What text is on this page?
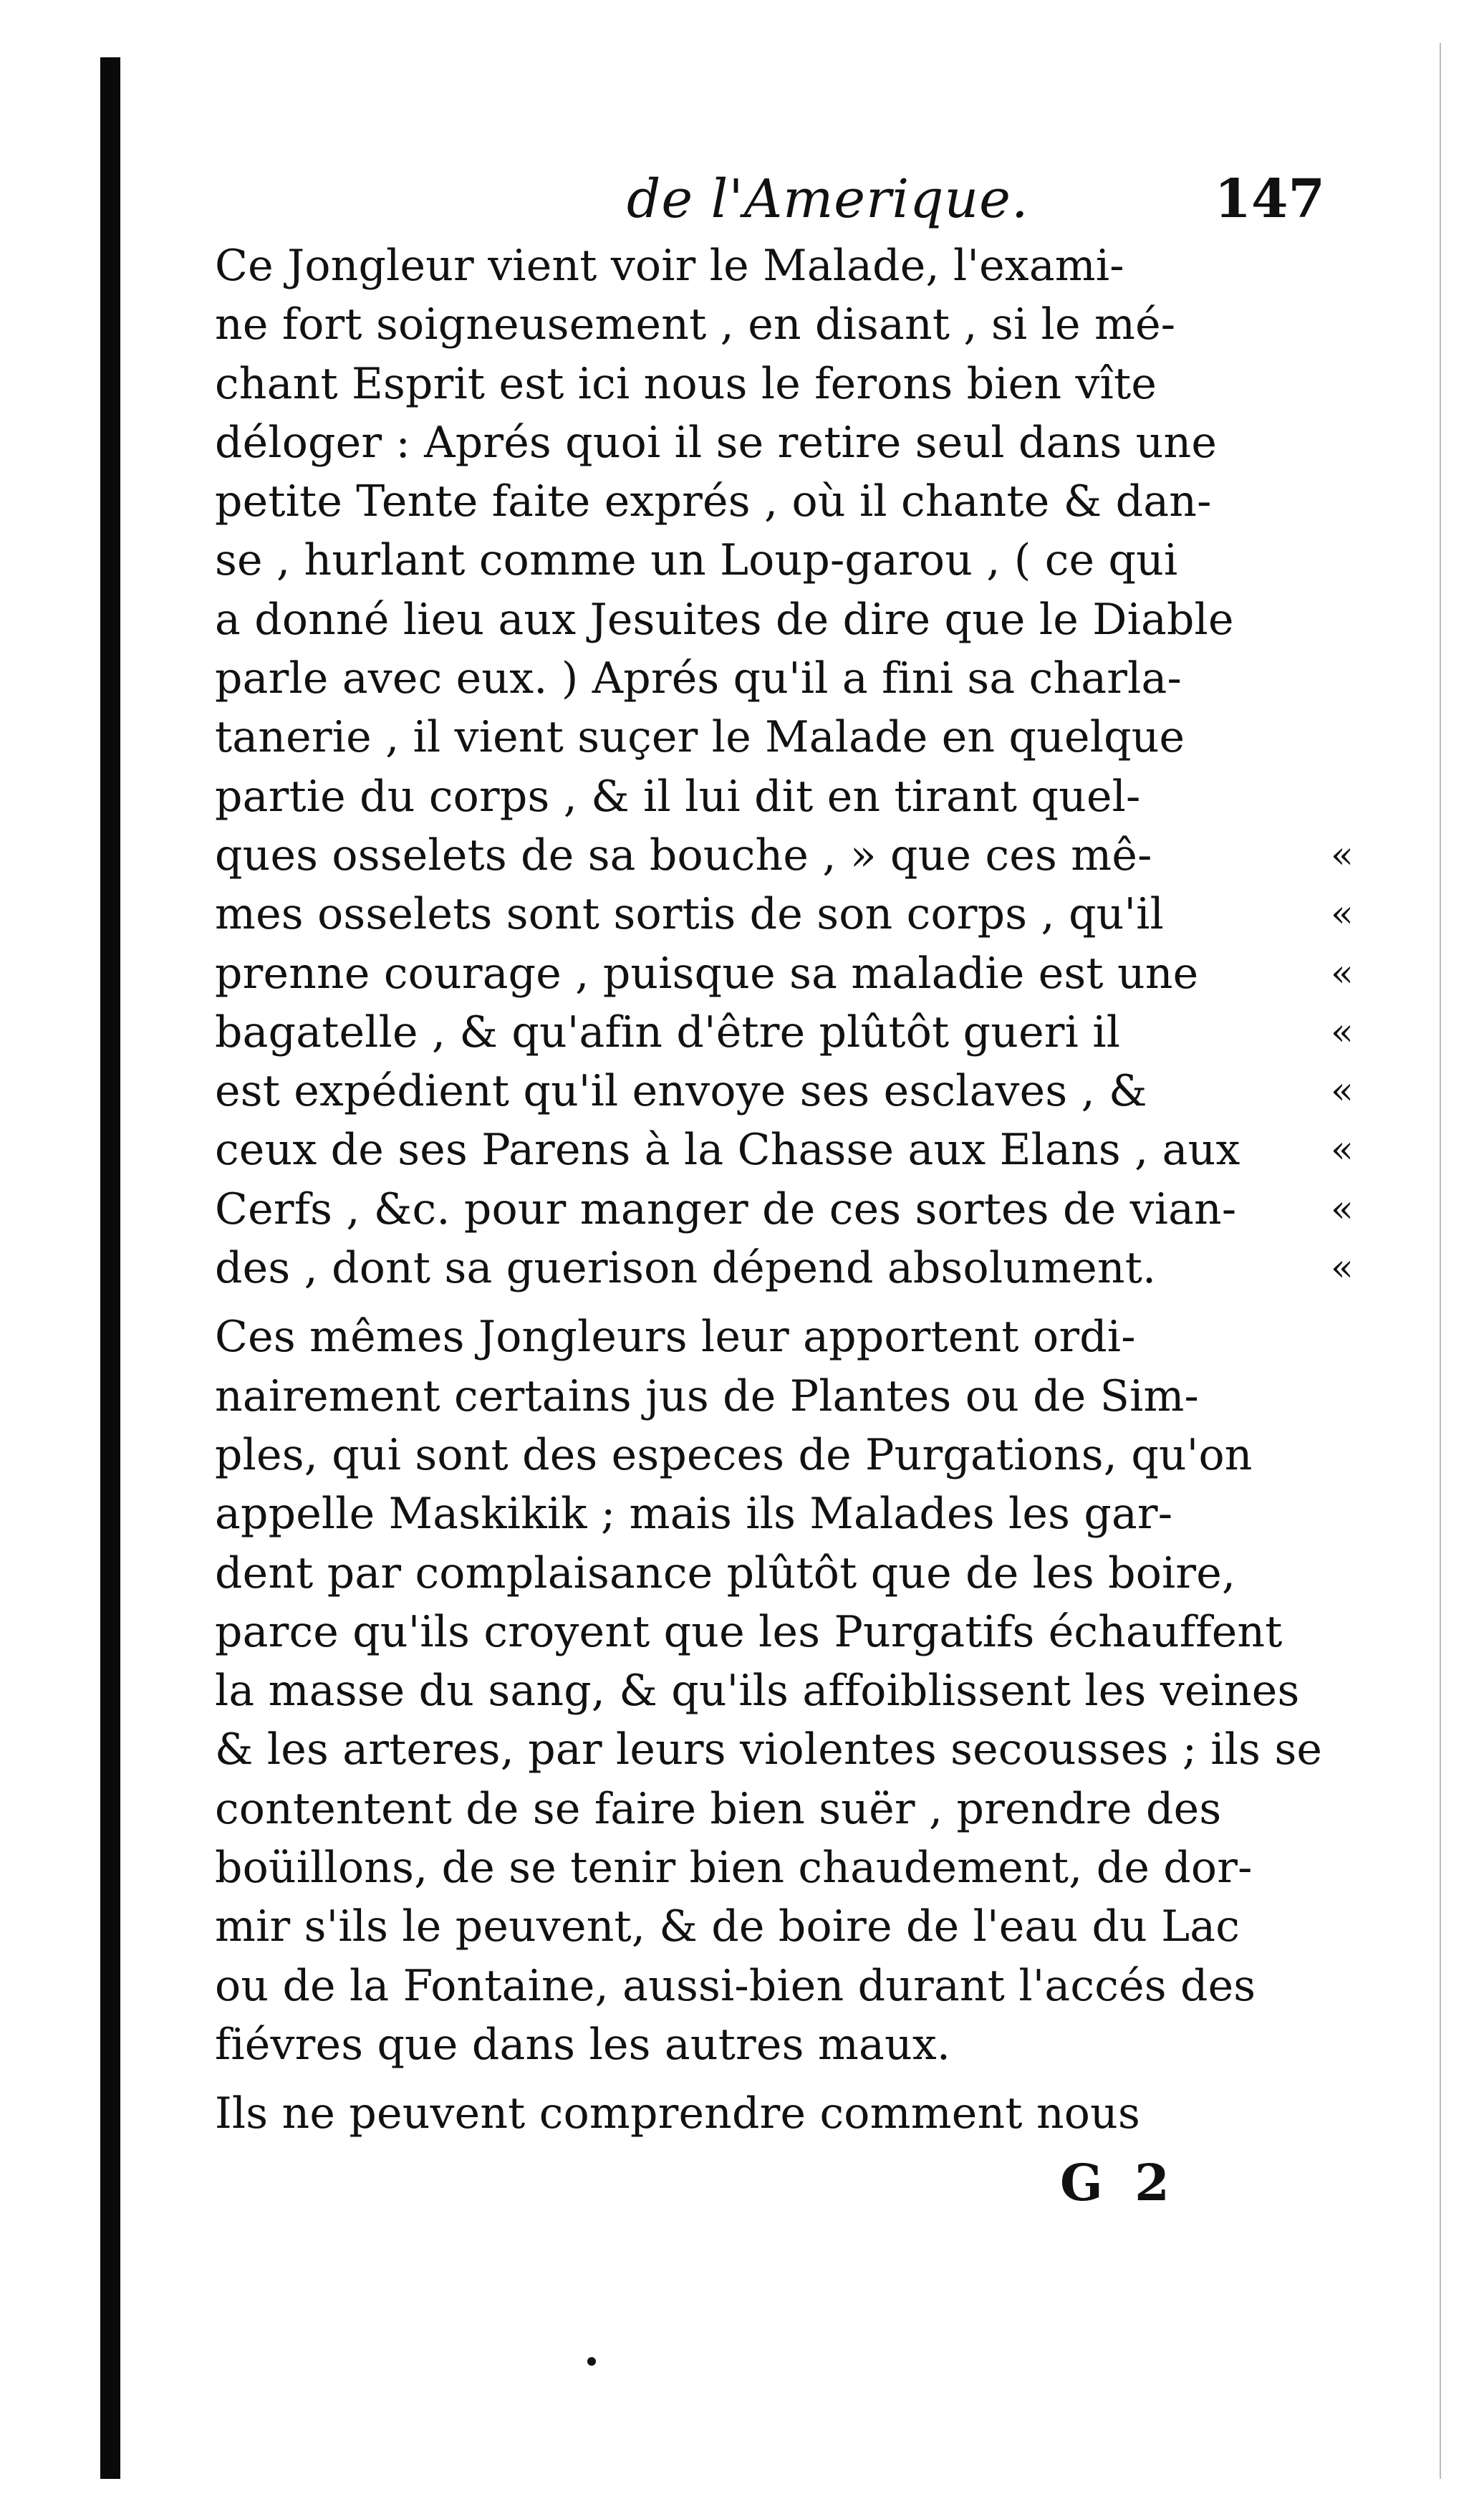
de l'Amerique.	147
Ce Jongleur vient voir le Malade, l'exami-
ne fort soigneusement , en disant , si le mé-
chant Esprit est ici nous le ferons bien vîte
déloger : Aprés quoi il se retire seul dans une
petite Tente faite exprés , où il chante & dan-
se , hurlant comme un Loup-garou , ( ce qui
a donné lieu aux Jesuites de dire que le Diable
parle avec eux. ) Aprés qu'il a fini sa charla-
tanerie , il vient suçer le Malade en quelque
partie du corps , & il lui dit en tirant quel-
ques osselets de sa bouche , » que ces mê-	«
mes osselets sont sortis de son corps , qu'il	«
prenne courage , puisque sa maladie est une	«
bagatelle , & qu'afin d'être plûtôt gueri il	«
est expédient qu'il envoye ses esclaves , &	«
ceux de ses Parens à la Chasse aux Elans , aux «
Cerfs , &c. pour manger de ces sortes de vian-	«
des , dont sa guerison dépend absolument.	«
Ces mêmes Jongleurs leur apportent ordi-
nairement certains jus de Plantes ou de Sim-
ples, qui sont des especes de Purgations, qu'on
appelle Maskikik ; mais ils Malades les gar-
dent par complaisance plûtôt que de les boire,
parce qu'ils croyent que les Purgatifs échauffent
la masse du sang, & qu'ils affoiblissent les veines
& les arteres, par leurs violentes secousses ; ils se
contentent de se faire bien suër , prendre des
boüillons, de se tenir bien chaudement, de dor-
mir s'ils le peuvent, & de boire de l'eau du Lac
ou de la Fontaine, aussi-bien durant l'accés des
fiévres que dans les autres maux.
Ils ne peuvent comprendre comment nous
G 2
